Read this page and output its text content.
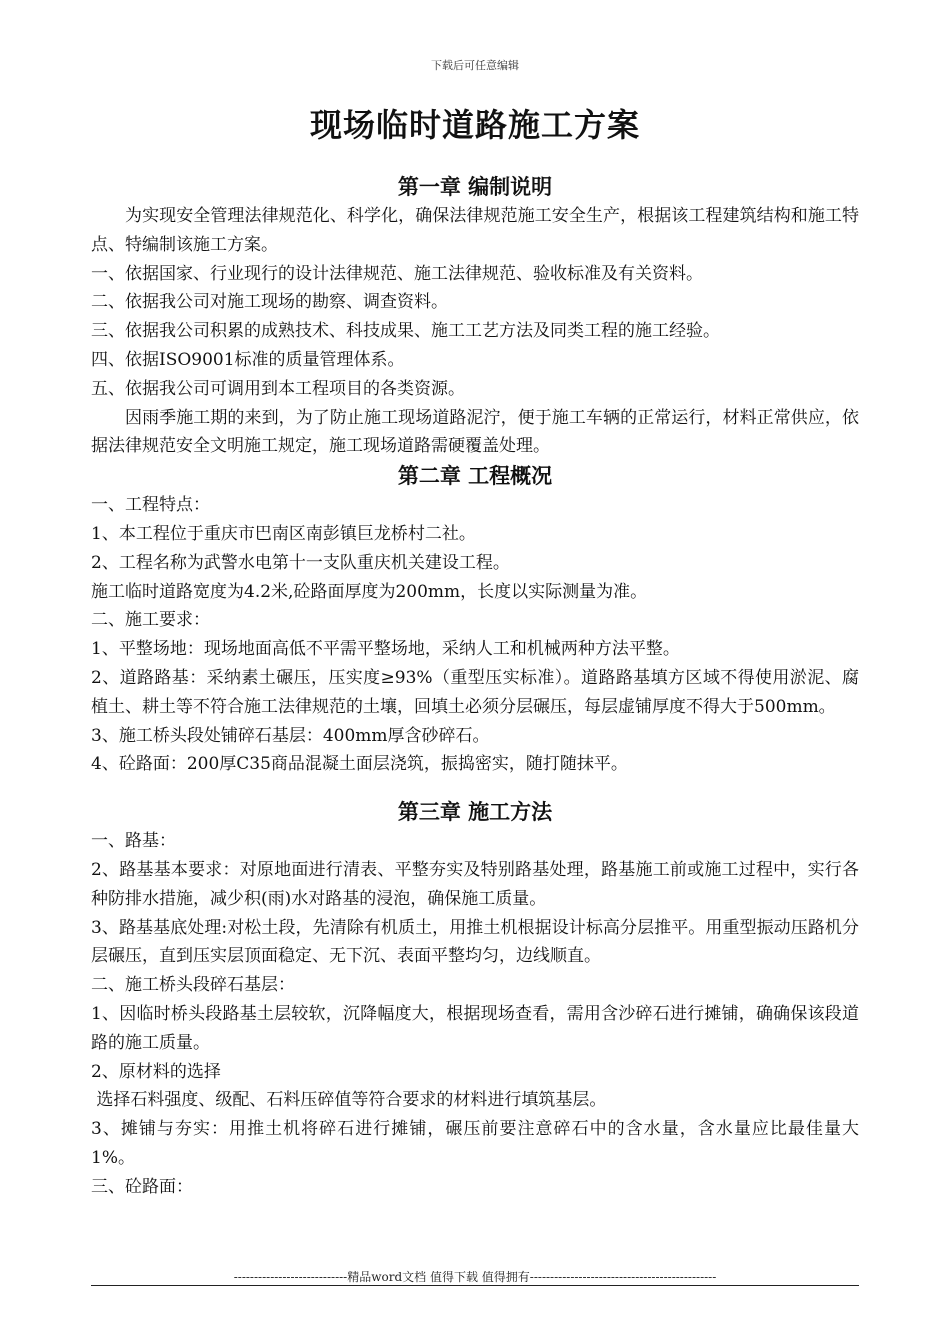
下载后可任意编辑
现场临时道路施工方案
第一章 编制说明
为实现安全管理法律规范化、科学化，确保法律规范施工安全生产，根据该工程建筑结构和施工特点、特编制该施工方案。
一、依据国家、行业现行的设计法律规范、施工法律规范、验收标准及有关资料。
二、依据我公司对施工现场的勘察、调查资料。
三、依据我公司积累的成熟技术、科技成果、施工工艺方法及同类工程的施工经验。
四、依据ISO9001标准的质量管理体系。
五、依据我公司可调用到本工程项目的各类资源。
因雨季施工期的来到，为了防止施工现场道路泥泞，便于施工车辆的正常运行，材料正常供应，依据法律规范安全文明施工规定，施工现场道路需硬覆盖处理。
第二章 工程概况
一、工程特点：
1、本工程位于重庆市巴南区南彭镇巨龙桥村二社。
2、工程名称为武警水电第十一支队重庆机关建设工程。
施工临时道路宽度为4.2米,砼路面厚度为200mm，长度以实际测量为准。
二、施工要求：
1、平整场地：现场地面高低不平需平整场地，采纳人工和机械两种方法平整。
2、道路路基：采纳素土碾压，压实度≥93%（重型压实标准）。道路路基填方区域不得使用淤泥、腐植土、耕土等不符合施工法律规范的土壤，回填土必须分层碾压，每层虚铺厚度不得大于500mm。
3、施工桥头段处铺碎石基层：400mm厚含砂碎石。
4、砼路面：200厚C35商品混凝土面层浇筑，振捣密实，随打随抹平。
第三章 施工方法
一、路基：
2、路基基本要求：对原地面进行清表、平整夯实及特别路基处理，路基施工前或施工过程中，实行各种防排水措施，减少积(雨)水对路基的浸泡，确保施工质量。
3、路基基底处理:对松土段，先清除有机质土，用推土机根据设计标高分层推平。用重型振动压路机分层碾压，直到压实层顶面稳定、无下沉、表面平整均匀，边线顺直。
二、施工桥头段碎石基层：
1、因临时桥头段路基土层较软，沉降幅度大，根据现场查看，需用含沙碎石进行摊铺，确确保该段道路的施工质量。
2、原材料的选择
选择石料强度、级配、石料压碎值等符合要求的材料进行填筑基层。
3、摊铺与夯实：用推土机将碎石进行摊铺，碾压前要注意碎石中的含水量，含水量应比最佳量大1%。
三、砼路面：
----------------------------精品word文档 值得下载 值得拥有----------------------------------------------
